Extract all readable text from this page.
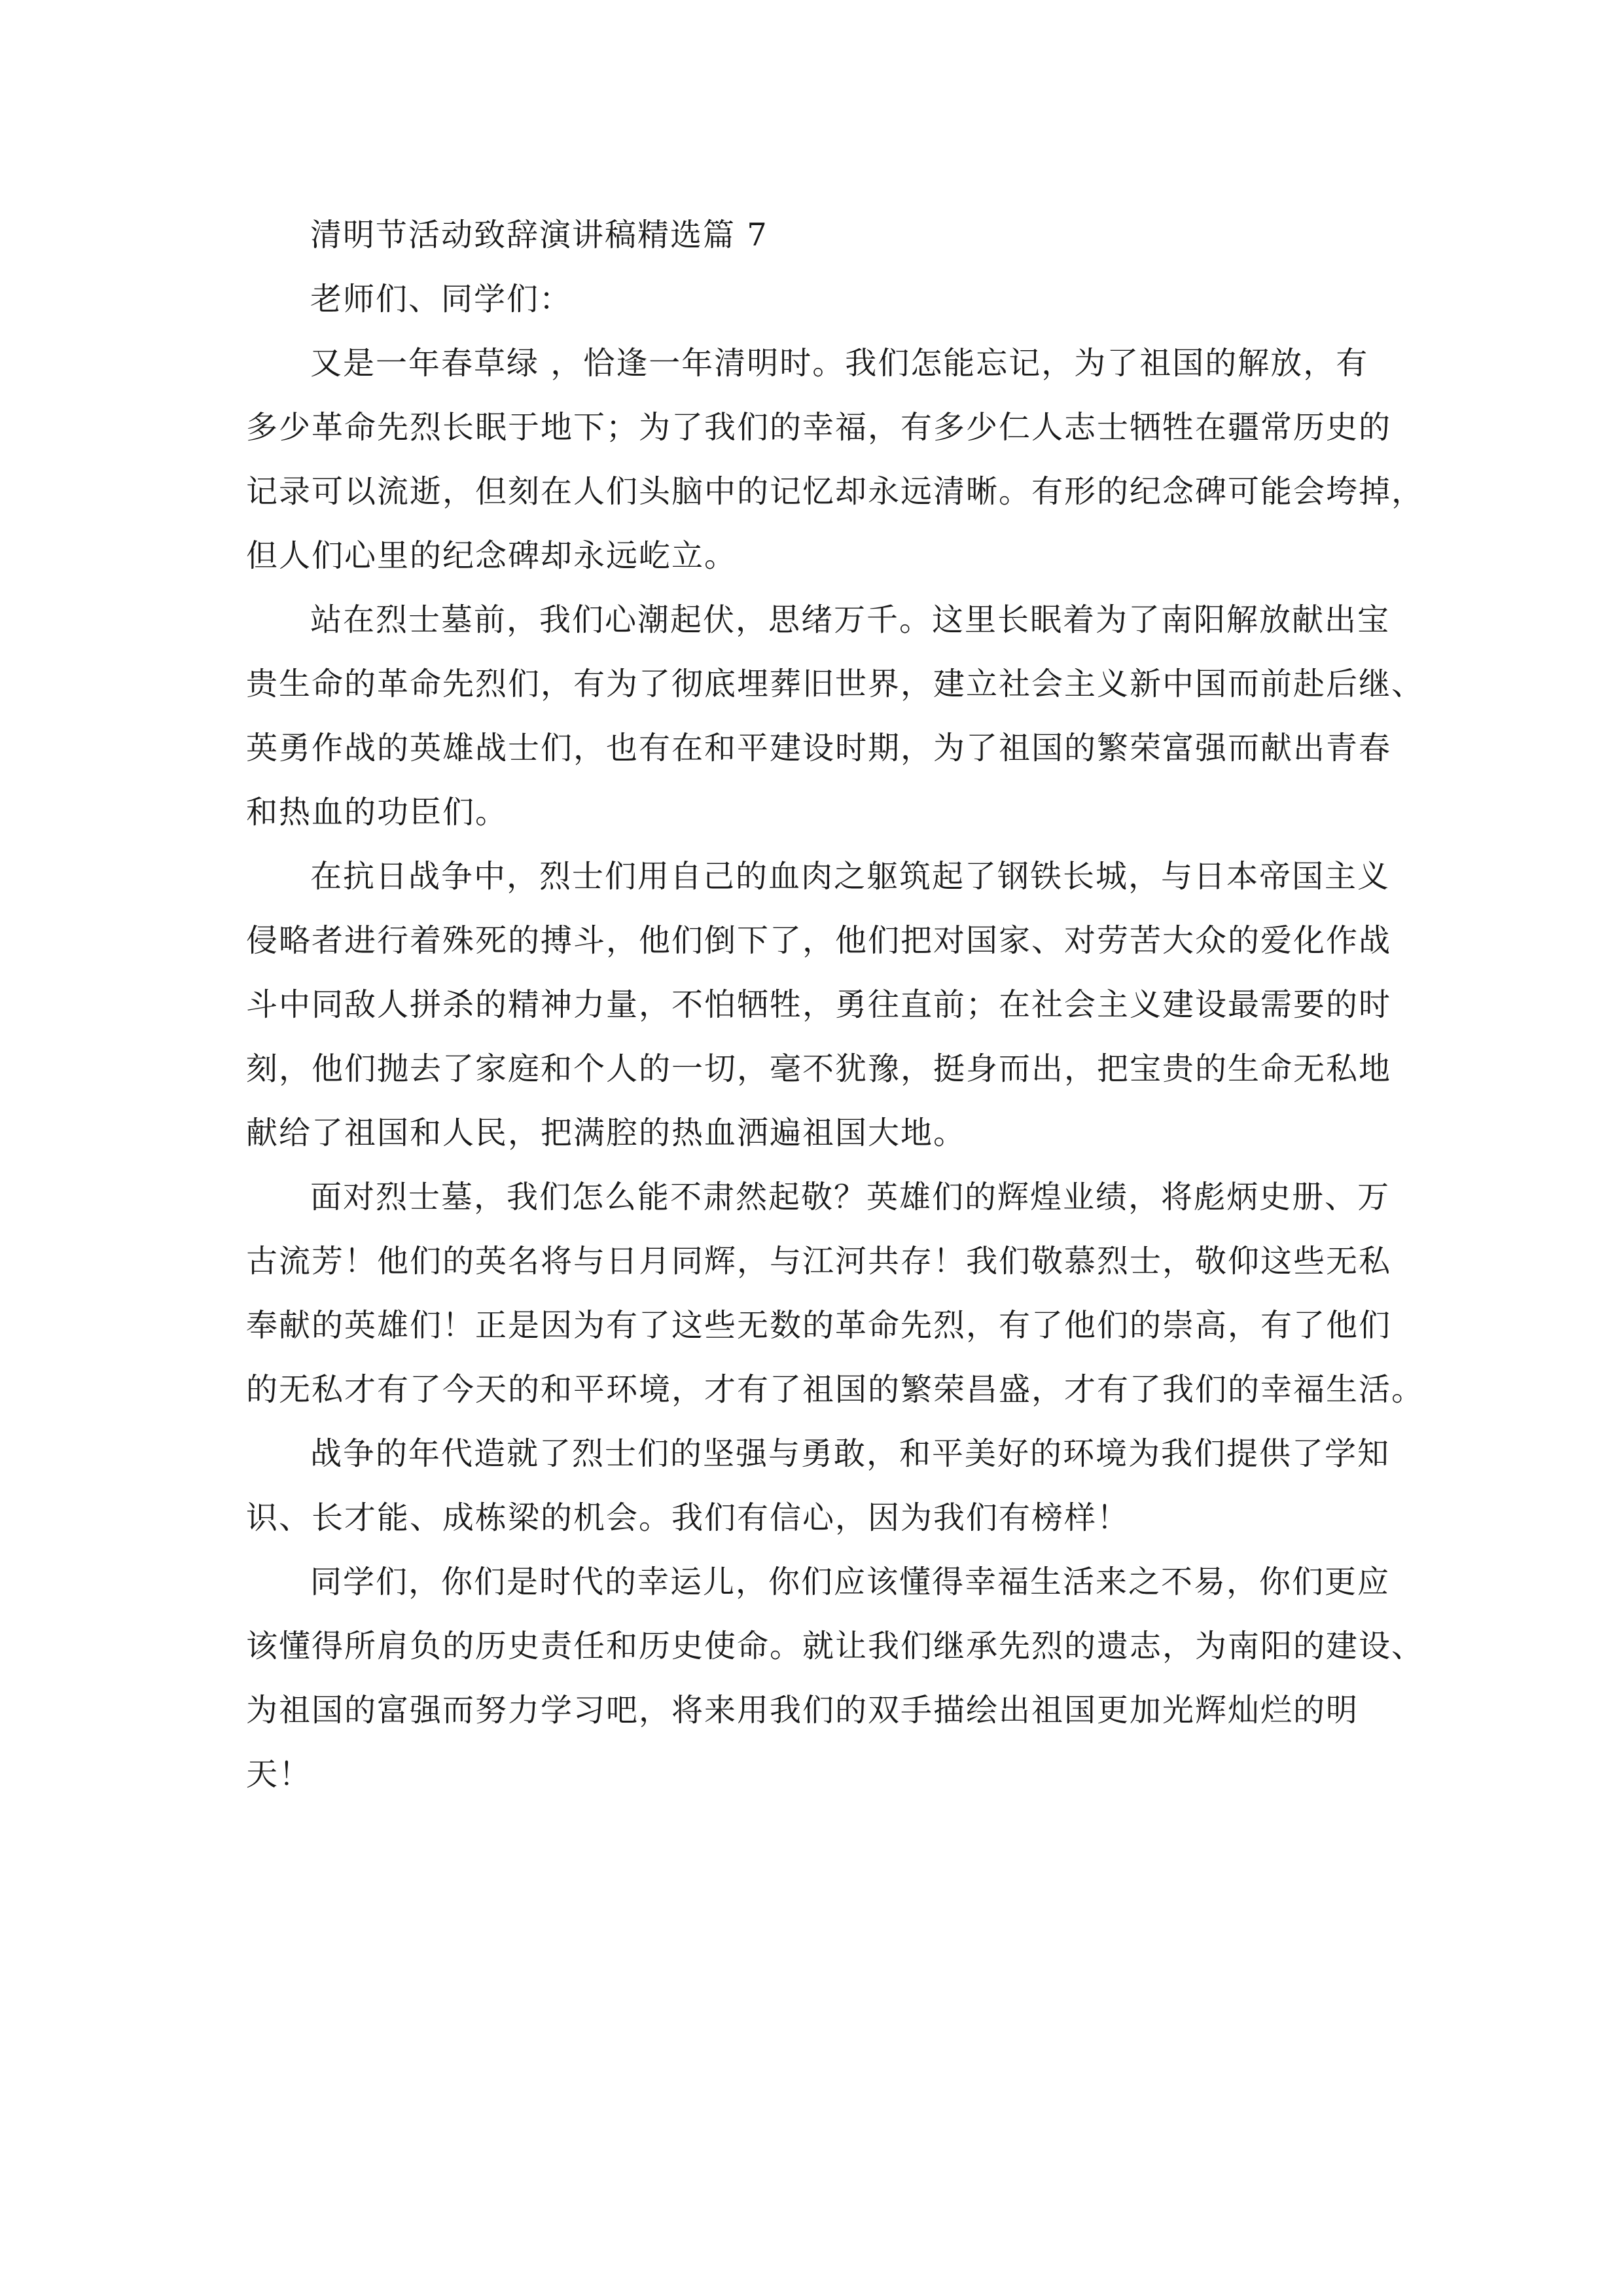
清明节活动致辞演讲稿精选篇 7

老师们、同学们：

又是一年春草绿 ，恰逢一年清明时。我们怎能忘记，为了祖国的解放，有

多少革命先烈长眠于地下；为了我们的幸福，有多少仁人志士牺牲在疆常历史的

记录可以流逝，但刻在人们头脑中的记忆却永远清晰。有形的纪念碑可能会垮掉，

但人们心里的纪念碑却永远屹立。

站在烈士墓前，我们心潮起伏，思绪万千。这里长眠着为了南阳解放献出宝

贵生命的革命先烈们，有为了彻底埋葬旧世界，建立社会主义新中国而前赴后继、

英勇作战的英雄战士们，也有在和平建设时期，为了祖国的繁荣富强而献出青春

和热血的功臣们。

在抗日战争中，烈士们用自己的血肉之躯筑起了钢铁长城，与日本帝国主义

侵略者进行着殊死的搏斗，他们倒下了，他们把对国家、对劳苦大众的爱化作战

斗中同敌人拼杀的精神力量，不怕牺牲，勇往直前；在社会主义建设最需要的时

刻，他们抛去了家庭和个人的一切，毫不犹豫，挺身而出，把宝贵的生命无私地

献给了祖国和人民，把满腔的热血洒遍祖国大地。

面对烈士墓，我们怎么能不肃然起敬？英雄们的辉煌业绩，将彪炳史册、万

古流芳！他们的英名将与日月同辉，与江河共存！我们敬慕烈士，敬仰这些无私

奉献的英雄们！正是因为有了这些无数的革命先烈，有了他们的崇高，有了他们

的无私才有了今天的和平环境，才有了祖国的繁荣昌盛，才有了我们的幸福生活。

战争的年代造就了烈士们的坚强与勇敢，和平美好的环境为我们提供了学知

识、长才能、成栋梁的机会。我们有信心，因为我们有榜样！

同学们，你们是时代的幸运儿，你们应该懂得幸福生活来之不易，你们更应

该懂得所肩负的历史责任和历史使命。就让我们继承先烈的遗志，为南阳的建设、

为祖国的富强而努力学习吧，将来用我们的双手描绘出祖国更加光辉灿烂的明

天！
